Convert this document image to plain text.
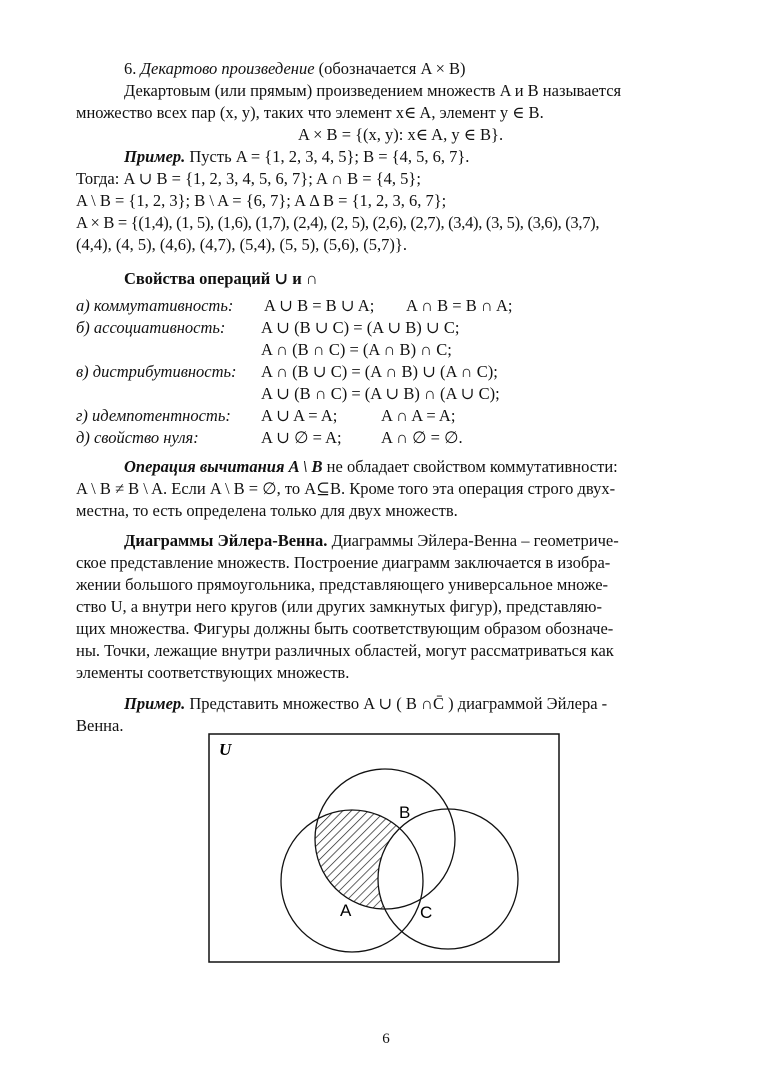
6. Декартово произведение (обозначается A × B)
Декартовым (или прямым) произведением множеств A и B называется
множество всех пар (x, y), таких что элемент x∈ A, элемент y ∈ B.
A × B = {(x, y): x∈ A, y ∈ B}.
Пример. Пусть A = {1, 2, 3, 4, 5}; B = {4, 5, 6, 7}.
Тогда: A ∪ B = {1, 2, 3, 4, 5, 6, 7}; A ∩ B = {4, 5};
A \ B = {1, 2, 3}; B \ A = {6, 7}; A Δ B = {1, 2, 3, 6, 7};
A × B = {(1,4), (1, 5), (1,6), (1,7), (2,4), (2, 5), (2,6), (2,7), (3,4), (3, 5), (3,6), (3,7),
(4,4), (4, 5), (4,6), (4,7), (5,4), (5, 5), (5,6), (5,7)}.
Свойства операций ∪ и ∩
а) коммутативность: A ∪ B = B ∪ A; A ∩ B = B ∩ A;
б) ассоциативность: A ∪ (B ∪ C) = (A ∪ B) ∪ C;
A ∩ (B ∩ C) = (A ∩ B) ∩ C;
в) дистрибутивность: A ∩ (B ∪ C) = (A ∩ B) ∪ (A ∩ C);
A ∪ (B ∩ C) = (A ∪ B) ∩ (A ∪ C);
г) идемпотентность: A ∪ A = A;	A ∩ A = A;
д) свойство нуля:	A ∪ ∅ = A; A ∩ ∅ = ∅.
Операция вычитания A \ B не обладает свойством коммутативности:
A \ B ≠ B \ A. Если A \ B = ∅, то A⊆B. Кроме того эта операция строго двух-
местна, то есть определена только для двух множеств.
Диаграммы Эйлера-Венна. Диаграммы Эйлера-Венна – геометриче-
ское представление множеств. Построение диаграмм заключается в изобра-
жении большого прямоугольника, представляющего универсальное множе-
ство U, а внутри него кругов (или других замкнутых фигур), представляю-
щих множества. Фигуры должны быть соответствующим образом обозначе-
ны. Точки, лежащие внутри различных областей, могут рассматриваться как
элементы соответствующих множеств.
Пример. Представить множество A ∪ ( B ∩C̄ ) диаграммой Эйлера -
Венна.
U
B
A	C
6
